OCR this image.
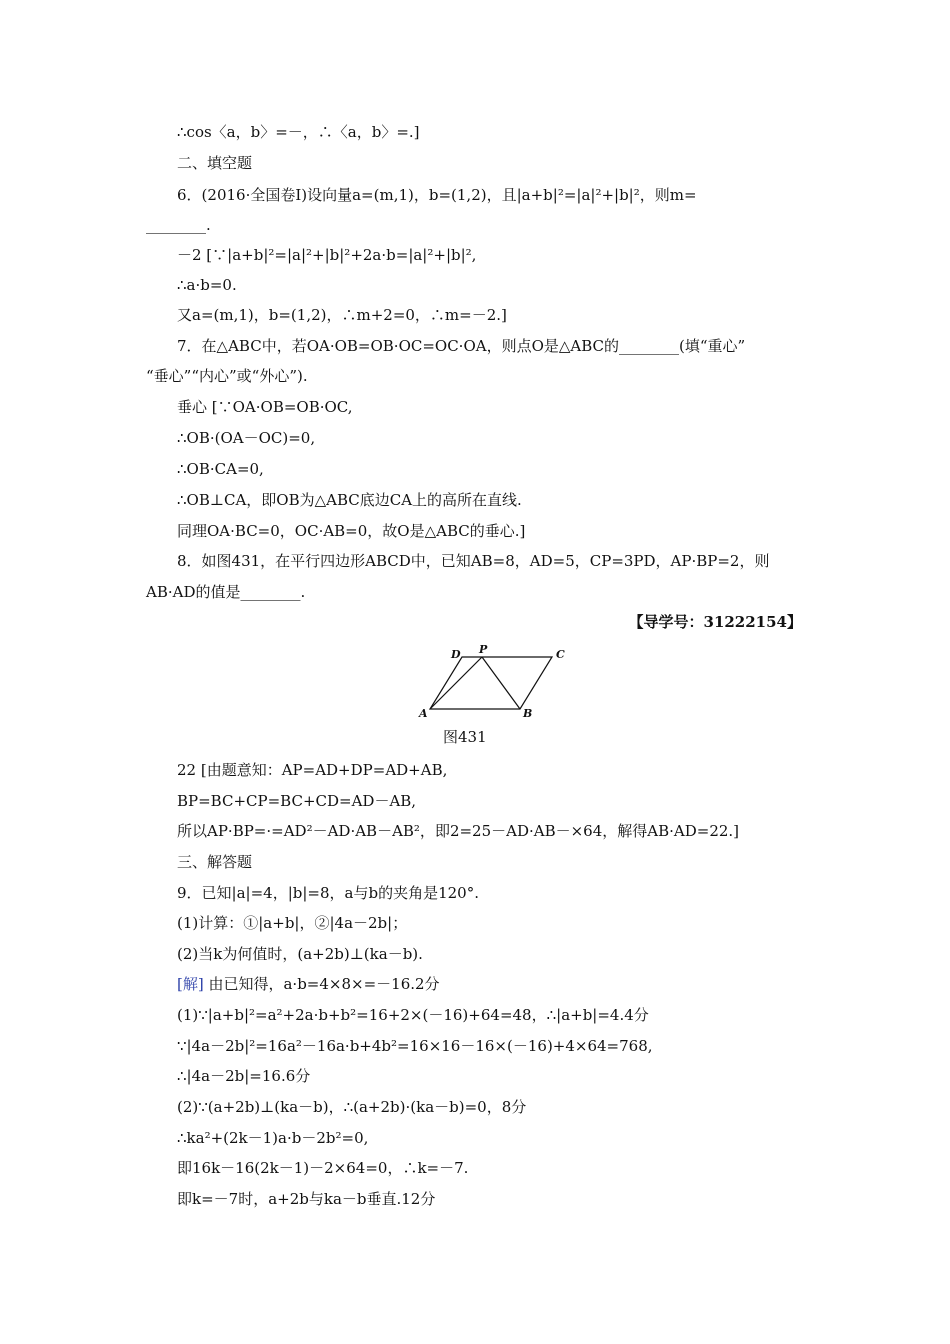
∴cos〈a，b〉=－，∴〈a，b〉=.]
二、填空题
6．(2016·全国卷Ⅰ)设向量a=(m,1)，b=(1,2)，且|a+b|²=|a|²+|b|²，则m=
________.
－2 [∵|a+b|²=|a|²+|b|²+2a·b=|a|²+|b|²,
∴a·b=0.
又a=(m,1)，b=(1,2)，∴m+2=0，∴m=－2.]
7．在△ABC中，若OA·OB=OB·OC=OC·OA，则点O是△ABC的________(填“重心”
“垂心”“内心”或“外心”).
垂心 [∵OA·OB=OB·OC,
∴OB·(OA－OC)=0,
∴OB·CA=0,
∴OB⊥CA，即OB为△ABC底边CA上的高所在直线.
同理OA·BC=0，OC·AB=0，故O是△ABC的垂心.]
8．如图431，在平行四边形ABCD中，已知AB=8，AD=5，CP=3PD，AP·BP=2，则
AB·AD的值是________.
【导学号：31222154】
A	B
C
D P
图431
22 [由题意知：AP=AD+DP=AD+AB,
BP=BC+CP=BC+CD=AD－AB,
所以AP·BP=·=AD²－AD·AB－AB²，即2=25－AD·AB－×64，解得AB·AD=22.]
三、解答题
9．已知|a|=4，|b|=8，a与b的夹角是120°.
(1)计算：①|a+b|，②|4a－2b|；
(2)当k为何值时，(a+2b)⊥(ka－b).
[解] 由已知得，a·b=4×8×=－16.2分
(1)∵|a+b|²=a²+2a·b+b²=16+2×(－16)+64=48，∴|a+b|=4.4分
∵|4a－2b|²=16a²－16a·b+4b²=16×16－16×(－16)+4×64=768,
∴|4a－2b|=16.6分
(2)∵(a+2b)⊥(ka－b)，∴(a+2b)·(ka－b)=0，8分
∴ka²+(2k－1)a·b－2b²=0,
即16k－16(2k－1)－2×64=0，∴k=－7.
即k=－7时，a+2b与ka－b垂直.12分
